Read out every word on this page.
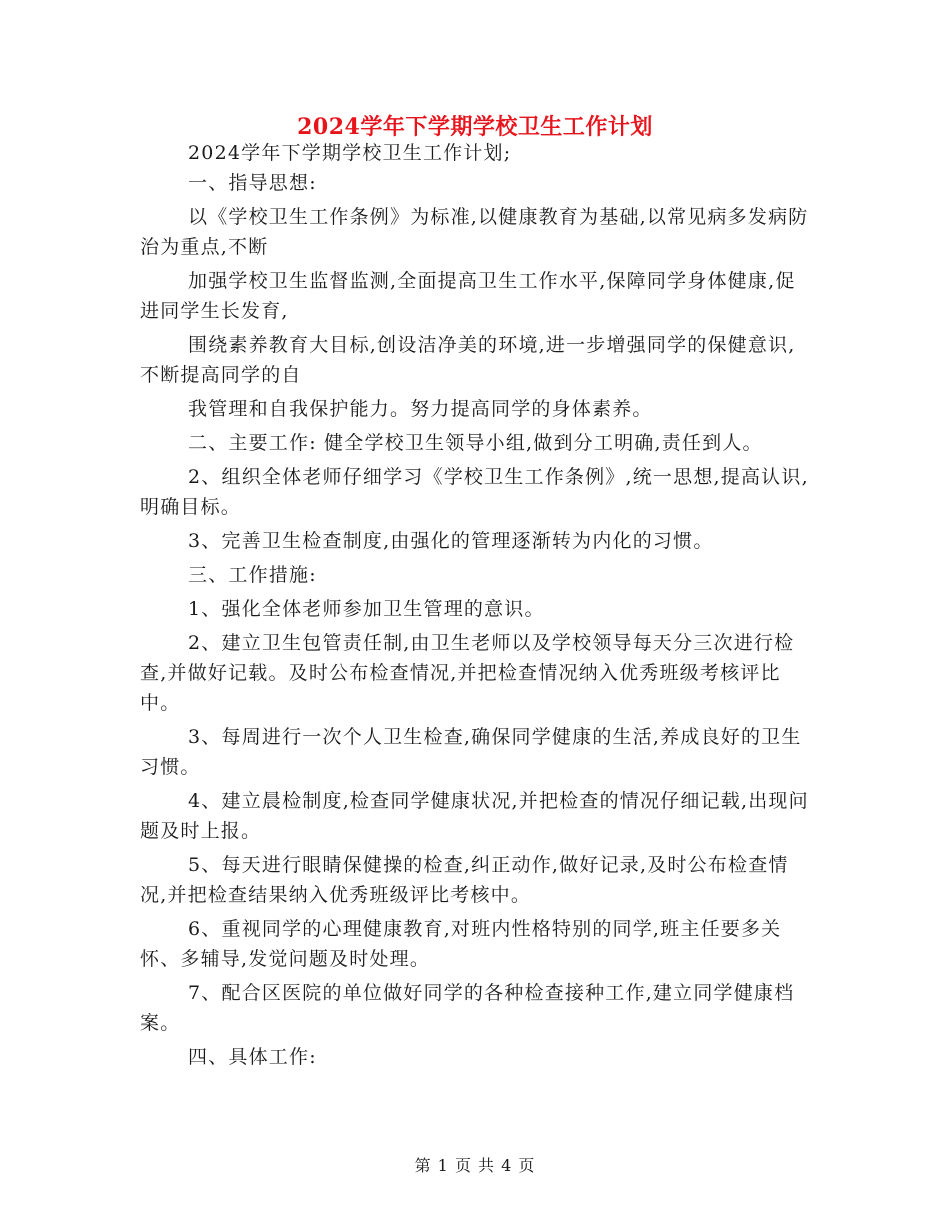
2024学年下学期学校卫生工作计划

2024学年下学期学校卫生工作计划;

一、指导思想:

以《学校卫生工作条例》为标准,以健康教育为基础,以常见病多发病防治为重点,不断

加强学校卫生监督监测,全面提高卫生工作水平,保障同学身体健康,促进同学生长发育,

围绕素养教育大目标,创设洁净美的环境,进一步增强同学的保健意识,不断提高同学的自

我管理和自我保护能力。努力提高同学的身体素养。

二、主要工作: 健全学校卫生领导小组,做到分工明确,责任到人。

2、组织全体老师仔细学习《学校卫生工作条例》,统一思想,提高认识,明确目标。

3、完善卫生检查制度,由强化的管理逐渐转为内化的习惯。

三、工作措施:

1、强化全体老师参加卫生管理的意识。

2、建立卫生包管责任制,由卫生老师以及学校领导每天分三次进行检查,并做好记载。及时公布检查情况,并把检查情况纳入优秀班级考核评比中。

3、每周进行一次个人卫生检查,确保同学健康的生活,养成良好的卫生习惯。

4、建立晨检制度,检查同学健康状况,并把检查的情况仔细记载,出现问题及时上报。

5、每天进行眼睛保健操的检查,纠正动作,做好记录,及时公布检查情况,并把检查结果纳入优秀班级评比考核中。

6、重视同学的心理健康教育,对班内性格特别的同学,班主任要多关怀、多辅导,发觉问题及时处理。

7、配合区医院的单位做好同学的各种检查接种工作,建立同学健康档案。

四、具体工作:

第 1 页 共 4 页
